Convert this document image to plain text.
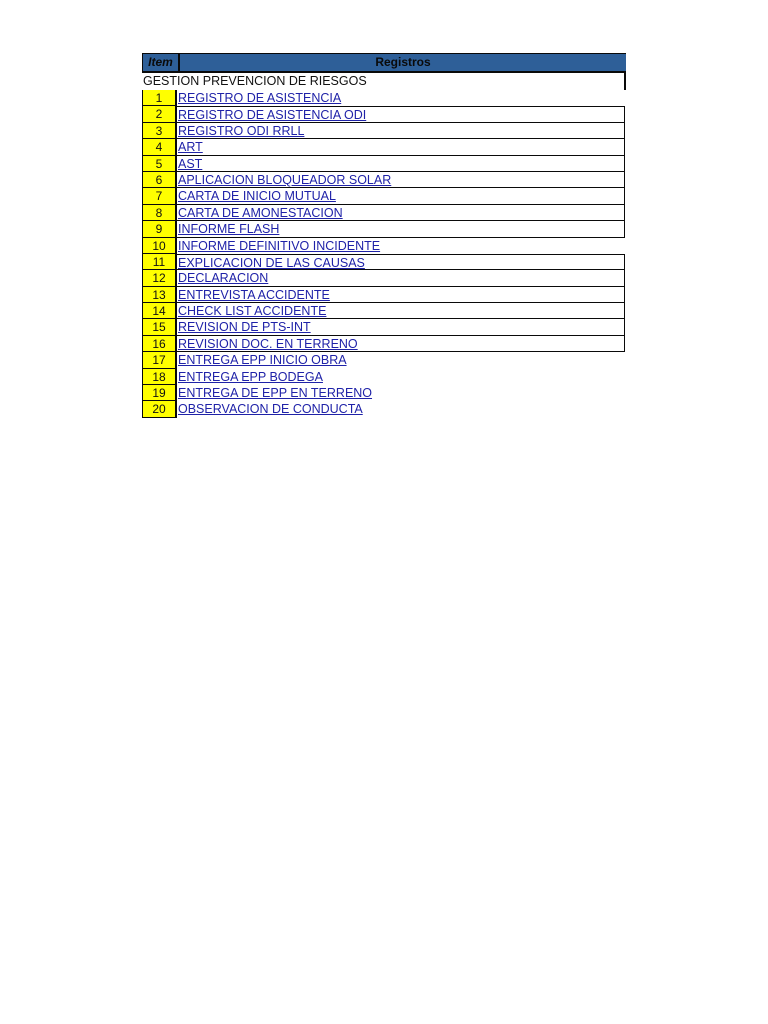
Item	Registros
GESTION PREVENCION DE RIESGOS
1	REGISTRO DE ASISTENCIA
2	REGISTRO DE ASISTENCIA ODI
3	REGISTRO ODI RRLL
4	ART
5	AST
6	APLICACION BLOQUEADOR SOLAR
7	CARTA DE INICIO MUTUAL
8	CARTA DE AMONESTACION
9	INFORME FLASH
10 INFORME DEFINITIVO INCIDENTE
11	EXPLICACION DE LAS CAUSAS
12 DECLARACION
13 ENTREVISTA ACCIDENTE
14 CHECK LIST ACCIDENTE
15 REVISION DE PTS-INT
16 REVISION DOC. EN TERRENO
17 ENTREGA EPP INICIO OBRA
18 ENTREGA EPP BODEGA
19 ENTREGA DE EPP EN TERRENO
20 OBSERVACION DE CONDUCTA
